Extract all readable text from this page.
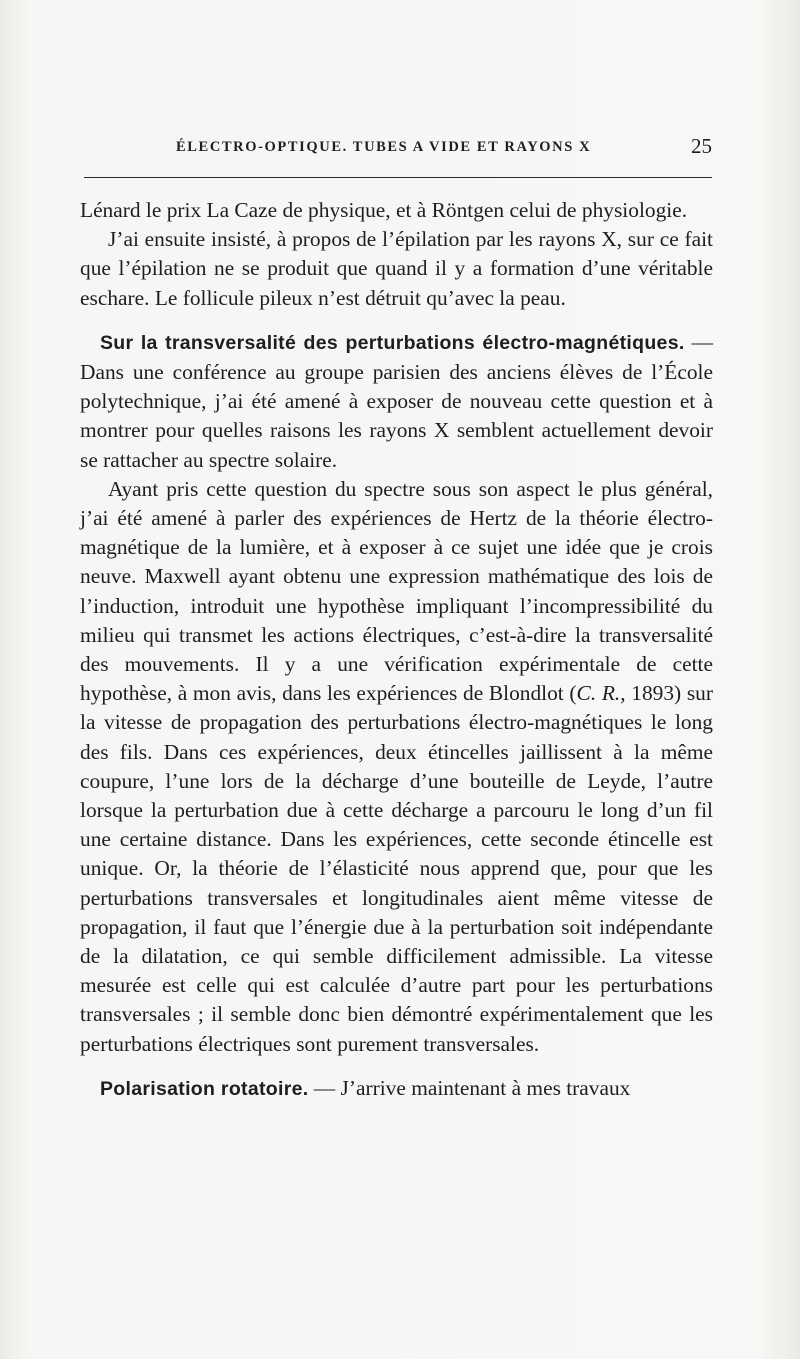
ÉLECTRO-OPTIQUE. TUBES A VIDE ET RAYONS X	25

Lénard le prix La Caze de physique, et à Röntgen celui de physiologie.

J’ai ensuite insisté, à propos de l’épilation par les rayons X, sur ce fait que l’épilation ne se produit que quand il y a formation d’une véritable eschare. Le follicule pileux n’est détruit qu’avec la peau.

Sur la transversalité des perturbations électro-magnétiques. — Dans une conférence au groupe parisien des anciens élèves de l’École polytechnique, j’ai été amené à exposer de nouveau cette question et à montrer pour quelles raisons les rayons X semblent actuellement devoir se rattacher au spectre solaire.

Ayant pris cette question du spectre sous son aspect le plus général, j’ai été amené à parler des expériences de Hertz de la théorie électro-magnétique de la lumière, et à exposer à ce sujet une idée que je crois neuve. Maxwell ayant obtenu une expression mathématique des lois de l’induction, introduit une hypothèse impliquant l’incompressibilité du milieu qui transmet les actions électriques, c’est-à-dire la transversalité des mouvements. Il y a une vérification expérimentale de cette hypothèse, à mon avis, dans les expériences de Blondlot (C. R., 1893) sur la vitesse de propagation des perturbations électro-magnétiques le long des fils. Dans ces expériences, deux étincelles jaillissent à la même coupure, l’une lors de la décharge d’une bouteille de Leyde, l’autre lorsque la perturbation due à cette décharge a parcouru le long d’un fil une certaine distance. Dans les expériences, cette seconde étincelle est unique. Or, la théorie de l’élasticité nous apprend que, pour que les perturbations transversales et longitudinales aient même vitesse de propagation, il faut que l’énergie due à la perturbation soit indépendante de la dilatation, ce qui semble difficilement admissible. La vitesse mesurée est celle qui est calculée d’autre part pour les perturbations transversales ; il semble donc bien démontré expérimentalement que les perturbations électriques sont purement transversales.

Polarisation rotatoire. — J’arrive maintenant à mes travaux
